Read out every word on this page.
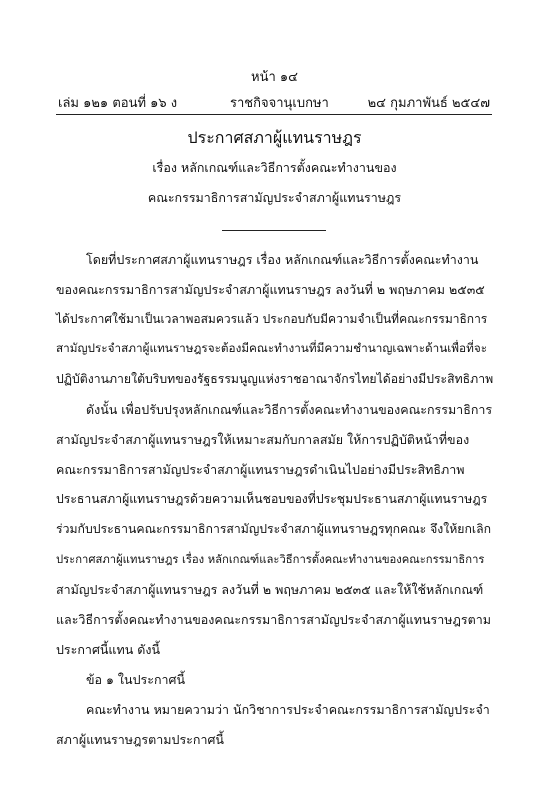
หน้า ๑๔
เล่ม ๑๒๑ ตอนที่ ๑๖ ง	ราชกิจจานุเบกษา	๒๔ กุมภาพันธ์ ๒๕๔๗
ประกาศสภาผู้แทนราษฎร
เรื่อง หลักเกณฑ์และวิธีการตั้งคณะทำงานของ
คณะกรรมาธิการสามัญประจำสภาผู้แทนราษฎร
โดยที่ประกาศสภาผู้แทนราษฎร เรื่อง หลักเกณฑ์และวิธีการตั้งคณะทำงาน
ของคณะกรรมาธิการสามัญประจำสภาผู้แทนราษฎร ลงวันที่ ๒ พฤษภาคม ๒๕๓๕
ได้ประกาศใช้มาเป็นเวลาพอสมควรแล้ว ประกอบกับมีความจำเป็นที่คณะกรรมาธิการ
สามัญประจำสภาผู้แทนราษฎรจะต้องมีคณะทำงานที่มีความชำนาญเฉพาะด้านเพื่อที่จะ
ปฏิบัติงานภายใต้บริบทของรัฐธรรมนูญแห่งราชอาณาจักรไทยได้อย่างมีประสิทธิภาพ
ดังนั้น เพื่อปรับปรุงหลักเกณฑ์และวิธีการตั้งคณะทำงานของคณะกรรมาธิการ
สามัญประจำสภาผู้แทนราษฎรให้เหมาะสมกับกาลสมัย ให้การปฏิบัติหน้าที่ของ
คณะกรรมาธิการสามัญประจำสภาผู้แทนราษฎรดำเนินไปอย่างมีประสิทธิภาพ
ประธานสภาผู้แทนราษฎรด้วยความเห็นชอบของที่ประชุมประธานสภาผู้แทนราษฎร
ร่วมกับประธานคณะกรรมาธิการสามัญประจำสภาผู้แทนราษฎรทุกคณะ จึงให้ยกเลิก
ประกาศสภาผู้แทนราษฎร เรื่อง หลักเกณฑ์และวิธีการตั้งคณะทำงานของคณะกรรมาธิการ
สามัญประจำสภาผู้แทนราษฎร ลงวันที่ ๒ พฤษภาคม ๒๕๓๕ และให้ใช้หลักเกณฑ์
และวิธีการตั้งคณะทำงานของคณะกรรมาธิการสามัญประจำสภาผู้แทนราษฎรตาม
ประกาศนี้แทน ดังนี้
ข้อ ๑ ในประกาศนี้
คณะทำงาน หมายความว่า นักวิชาการประจำคณะกรรมาธิการสามัญประจำ
สภาผู้แทนราษฎรตามประกาศนี้
